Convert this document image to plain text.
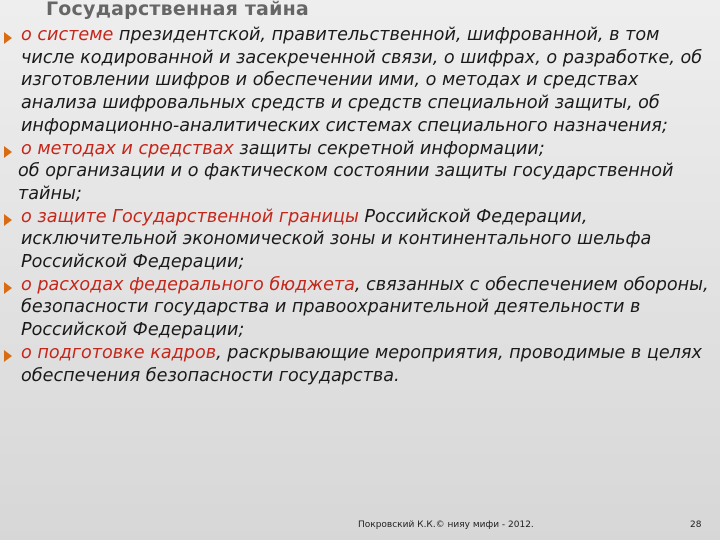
Государственная тайна
о системе президентской, правительственной, шифрованной, в том числе кодированной и засекреченной связи, о шифрах, о разработке, об изготовлении шифров и обеспечении ими, о методах и средствах анализа шифровальных средств и средств специальной защиты, об информационно-аналитических системах специального назначения;
о методах и средствах защиты секретной информации;
об организации и о фактическом состоянии защиты государственной тайны;
о защите Государственной границы Российской Федерации, исключительной экономической зоны и континентального шельфа Российской Федерации;
о расходах федерального бюджета, связанных с обеспечением обороны, безопасности государства и правоохранительной деятельности в Российской Федерации;
о подготовке кадров, раскрывающие мероприятия, проводимые в целях обеспечения безопасности государства.
Покровский К.К.© нияу мифи - 2012.	28
